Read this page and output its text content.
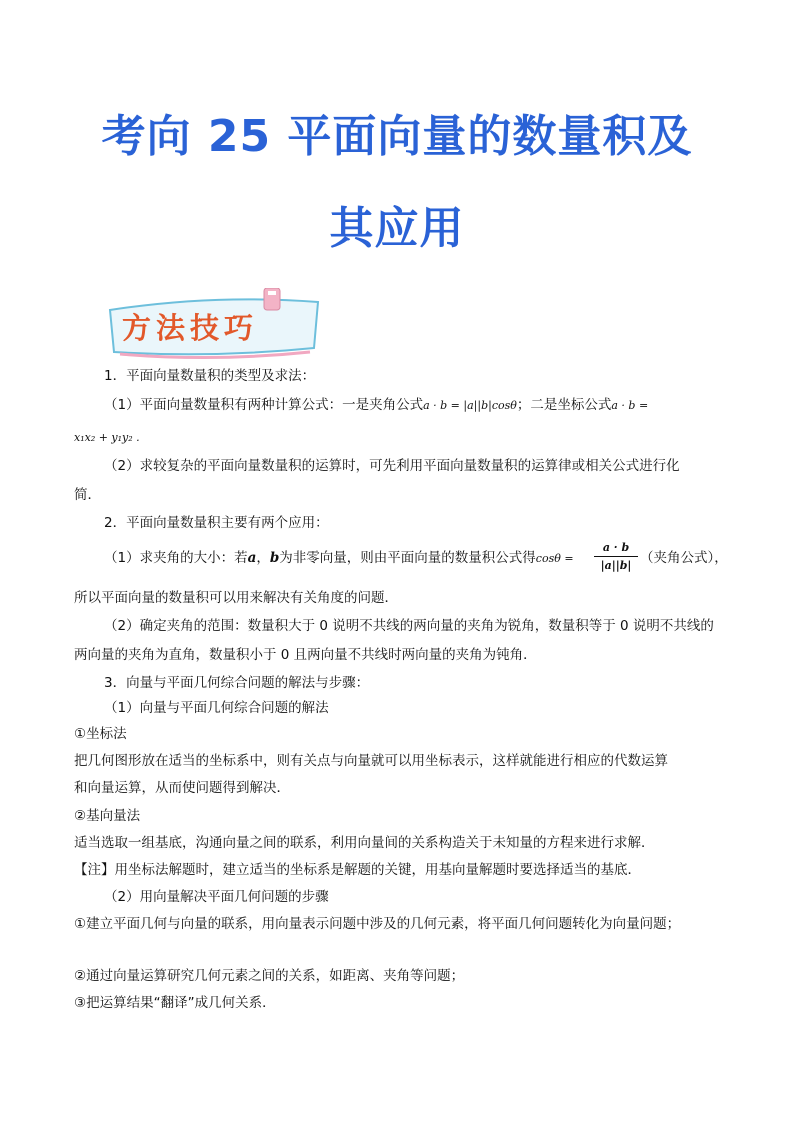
考向 25 平面向量的数量积及
其应用
方法技巧
1．平面向量数量积的类型及求法：
（1）平面向量数量积有两种计算公式：一是夹角公式a · b = |a||b|cosθ；二是坐标公式a · b =
x₁x₂ + y₁y₂ .
（2）求较复杂的平面向量数量积的运算时，可先利用平面向量数量积的运算律或相关公式进行化
简．
2．平面向量数量积主要有两个应用：
（1）求夹角的大小：若a，b为非零向量，则由平面向量的数量积公式得cosθ =
a · b
|a||b| （夹角公式），
所以平面向量的数量积可以用来解决有关角度的问题．
（2）确定夹角的范围：数量积大于 0 说明不共线的两向量的夹角为锐角，数量积等于 0 说明不共线的
两向量的夹角为直角，数量积小于 0 且两向量不共线时两向量的夹角为钝角．
3．向量与平面几何综合问题的解法与步骤：
（1）向量与平面几何综合问题的解法
①坐标法
把几何图形放在适当的坐标系中，则有关点与向量就可以用坐标表示，这样就能进行相应的代数运算
和向量运算，从而使问题得到解决．
②基向量法
适当选取一组基底，沟通向量之间的联系，利用向量间的关系构造关于未知量的方程来进行求解．
【注】用坐标法解题时，建立适当的坐标系是解题的关键，用基向量解题时要选择适当的基底．
（2）用向量解决平面几何问题的步骤
①建立平面几何与向量的联系，用向量表示问题中涉及的几何元素，将平面几何问题转化为向量问题；
②通过向量运算研究几何元素之间的关系，如距离、夹角等问题；
③把运算结果“翻译”成几何关系．
